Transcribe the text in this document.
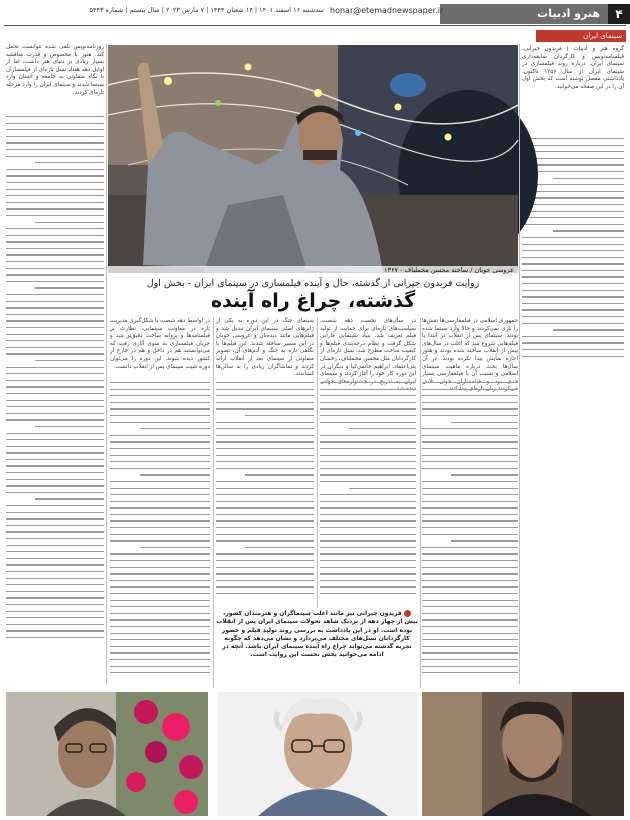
۴
هنرو ادبیات
honar@etemadnewspaper.ir
سه‌شنبه ۱۶ اسفند ۱۴۰۱ | ۱۴ شعبان ۱۴۴۴ | ۷ مارس ۲۰۲۳ | سال بیستم | شماره ۵۴۴۳
سینمای ایران

گروه هنر و ادبیات | فریدون جیرانی، فیلمنامه‌نویس و کارگردان سابقه‌داری سینمای ایران، درباره روند فیلمسازی در سینمای ایران از سال ۱۳۵۷ تاکنون، یادداشتی مفصل نوشته است که بخش اول آن را در این صفحه می‌خوانید.

روزنامه‌نویس تلقی شده نتوانست تحمل کند. هنوز با مخصوص و قدرت مناقشه بسیار زیادی بر دنیای هنر داشت، اما از اوایل دهه هفتاد نسل تازه‌ای از فیلمسازان با نگاه متفاوتی به جامعه و انسان وارد سینما شدند و سینمای ایران را وارد مرحله تازه‌ای کردند.

عروسی خوبان / ساخته محسن مخملباف - ۱۳۶۷
روایت فریدون جیرانی از گذشته، حال و آینده فیلمسازی در سینمای ایران - بخش اول
گذشته، چراغ راه آینده

جمهوری اسلامی در فیلمفارسی‌ها نقش‌ها را بازی نمی‌کردند و حالا وارد سینما شده بودند. سینمای پس از انقلاب در ابتدا با فیلم‌هایی شروع شد که اغلب در سال‌های پیش از انقلاب ساخته شده بودند و هنوز اجازه نمایش پیدا نکرده بودند. در آن سال‌ها بحث درباره ماهیت سینمای اسلامی و نسبت آن با فیلمفارسی بسیار

در سال‌های نخست دهه شصت، سیاست‌های تازه‌ای برای حمایت از تولید فیلم تعریف شد. بنیاد سینمایی فارابی شکل گرفت و نظام درجه‌بندی فیلم‌ها و کیفیت ساخت مطرح شد. نسل تازه‌ای از کارگردانان مثل محسن مخملباف، رخشان بنی‌اعتماد، ابراهیم حاتمی‌کیا و دیگران در این دوره کار خود را آغاز کردند و سینمای

سینمای جنگ در این دوره به یکی از ژانرهای اصلی سینمای ایران تبدیل شد و فیلم‌هایی مانند دیده‌بان و عروسی خوبان در این مسیر ساخته شدند. این فیلم‌ها با نگاهی تازه به جنگ و آدم‌های آن، تصویر متفاوتی از سینمای بعد از انقلاب ارائه کردند و تماشاگران زیادی را به سالن‌ها کشاندند.

در اواسط دهه شصت با شکل‌گیری مدیریت تازه در معاونت سینمایی، نظارت بر فیلمنامه‌ها و پروانه ساخت دقیق‌تر شد و جریان فیلمسازی به سوی آثاری رفت که می‌توانستند هم در داخل و هم در خارج از کشور دیده شوند. این دوره را می‌توان دوره تثبیت سینمای پس از انقلاب دانست.

فریدون جیرانی نیز مانند اغلب سینماگران و هنرمندان کشور، بیش از چهار دهه از نزدیک شاهد تحولات سینمای ایران پس از انقلاب بوده است. او در این یادداشت به بررسی روند تولید فیلم و حضور کارگردانان نسل‌های مختلف می‌پردازد و نشان می‌دهد که چگونه تجربه گذشته می‌تواند چراغ راه آینده سینمای ایران باشد. آنچه در ادامه می‌خوانید بخش نخست این روایت است.
